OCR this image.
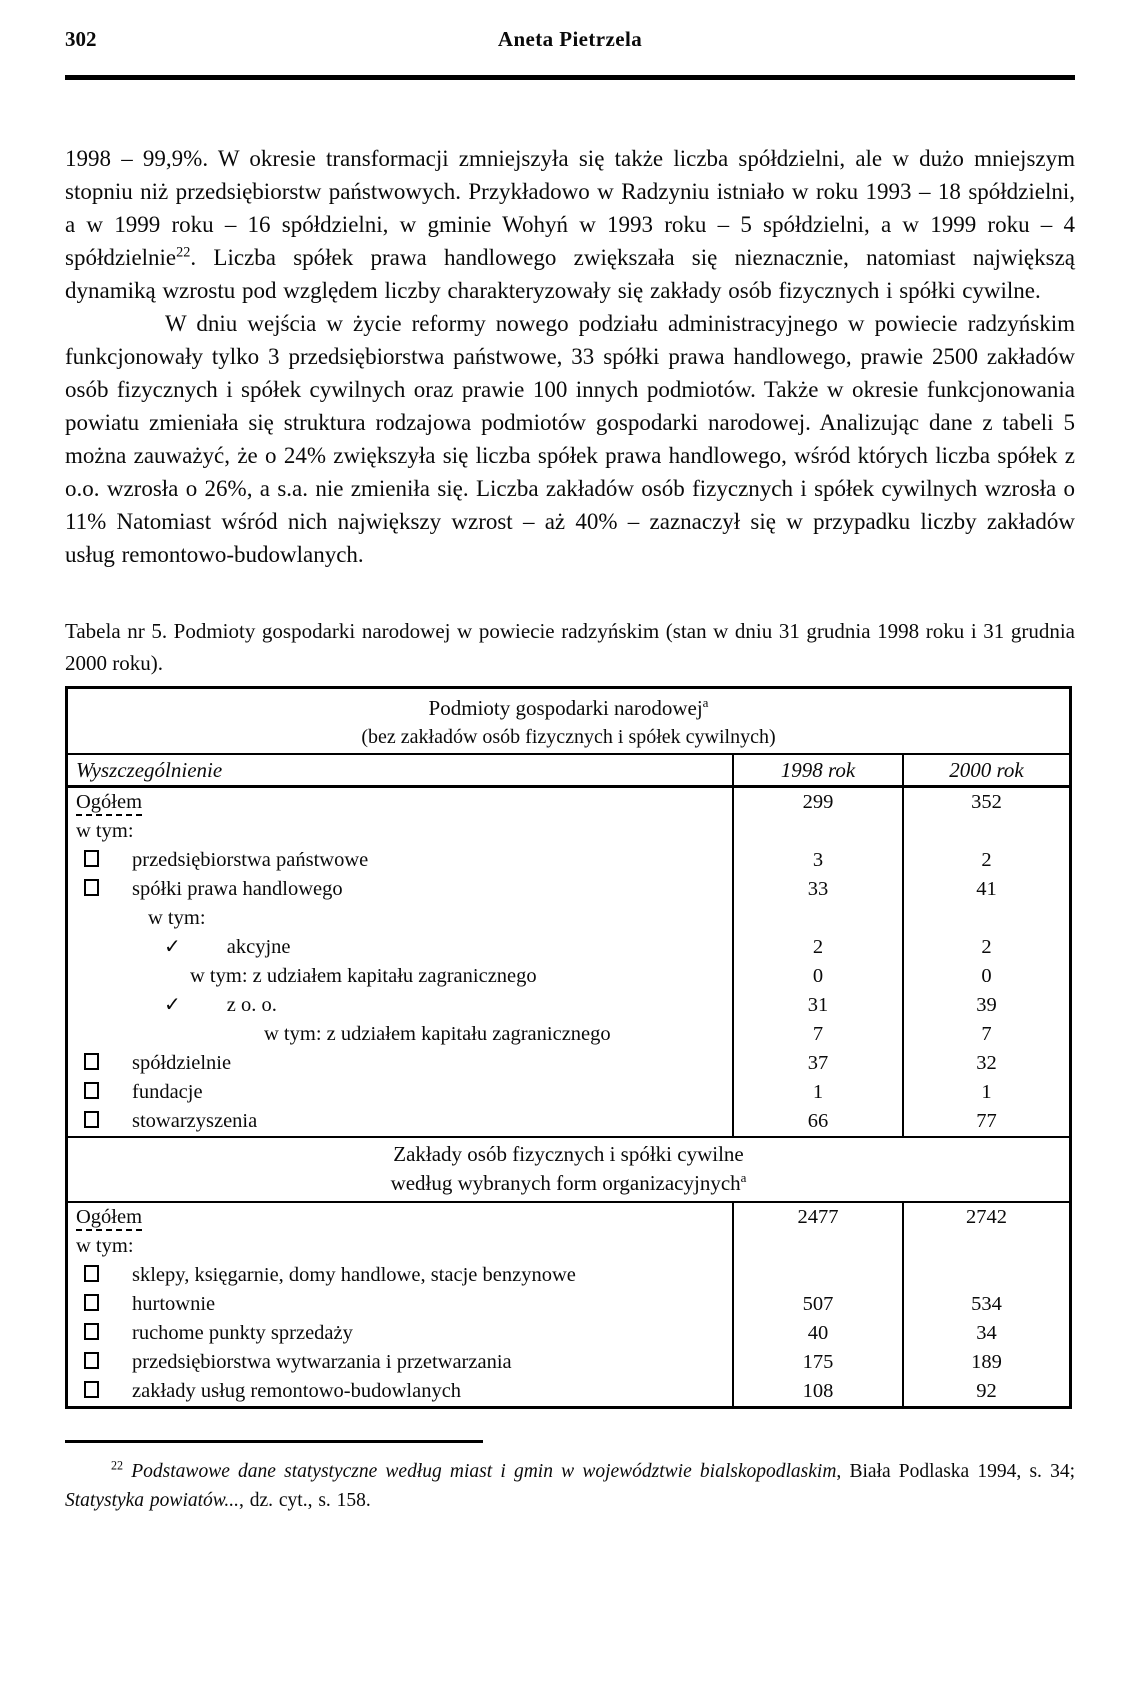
302	Aneta Pietrzela

1998 – 99,9%. W okresie transformacji zmniejszyła się także liczba spółdzielni, ale w dużo mniejszym stopniu niż przedsiębiorstw państwowych. Przykładowo w Radzyniu istniało w roku 1993 – 18 spółdzielni, a w 1999 roku – 16 spółdzielni, w gminie Wohyń w 1993 roku – 5 spółdzielni, a w 1999 roku – 4 spółdzielnie$^{22}$. Liczba spółek prawa handlowego zwiększała się nieznacznie, natomiast największą dynamiką wzrostu pod względem liczby charakteryzowały się zakłady osób fizycznych i spółki cywilne.

W dniu wejścia w życie reformy nowego podziału administracyjnego w powiecie radzyńskim funkcjonowały tylko 3 przedsiębiorstwa państwowe, 33 spółki prawa handlowego, prawie 2500 zakładów osób fizycznych i spółek cywilnych oraz prawie 100 innych podmiotów. Także w okresie funkcjonowania powiatu zmieniała się struktura rodzajowa podmiotów gospodarki narodowej. Analizując dane z tabeli 5 można zauważyć, że o 24% zwiększyła się liczba spółek prawa handlowego, wśród których liczba spółek z o.o. wzrosła o 26%, a s.a. nie zmieniła się. Liczba zakładów osób fizycznych i spółek cywilnych wzrosła o 11% Natomiast wśród nich największy wzrost – aż 40% – zaznaczył się w przypadku liczby zakładów usług remontowo-budowlanych.

Tabela nr 5. Podmioty gospodarki narodowej w powiecie radzyńskim (stan w dniu 31 grudnia 1998 roku i 31 grudnia 2000 roku).

Podmioty gospodarki narodowej$^a$
(bez zakładów osób fizycznych i spółek cywilnych)
Wyszczególnienie	1998 rok	2000 rok
Ogółem	299	352
w tym:
przedsiębiorstwa państwowe	3	2
spółki prawa handlowego	33	41
w tym:
✓ akcyjne	2	2
w tym: z udziałem kapitału zagranicznego	0	0
✓ z o. o.	31	39
w tym: z udziałem kapitału zagranicznego	7	7
spółdzielnie	37	32
fundacje	1	1
stowarzyszenia	66	77
Zakłady osób fizycznych i spółki cywilne
według wybranych form organizacyjnych$^a$
Ogółem	2477	2742
w tym:
sklepy, księgarnie, domy handlowe, stacje benzynowe
hurtownie	507	534
ruchome punkty sprzedaży	40	34
przedsiębiorstwa wytwarzania i przetwarzania	175	189
zakłady usług remontowo-budowlanych	108	92

$^{22}$ Podstawowe dane statystyczne według miast i gmin w województwie bialskopodlaskim, Biała Podlaska 1994, s. 34; Statystyka powiatów..., dz. cyt., s. 158.
